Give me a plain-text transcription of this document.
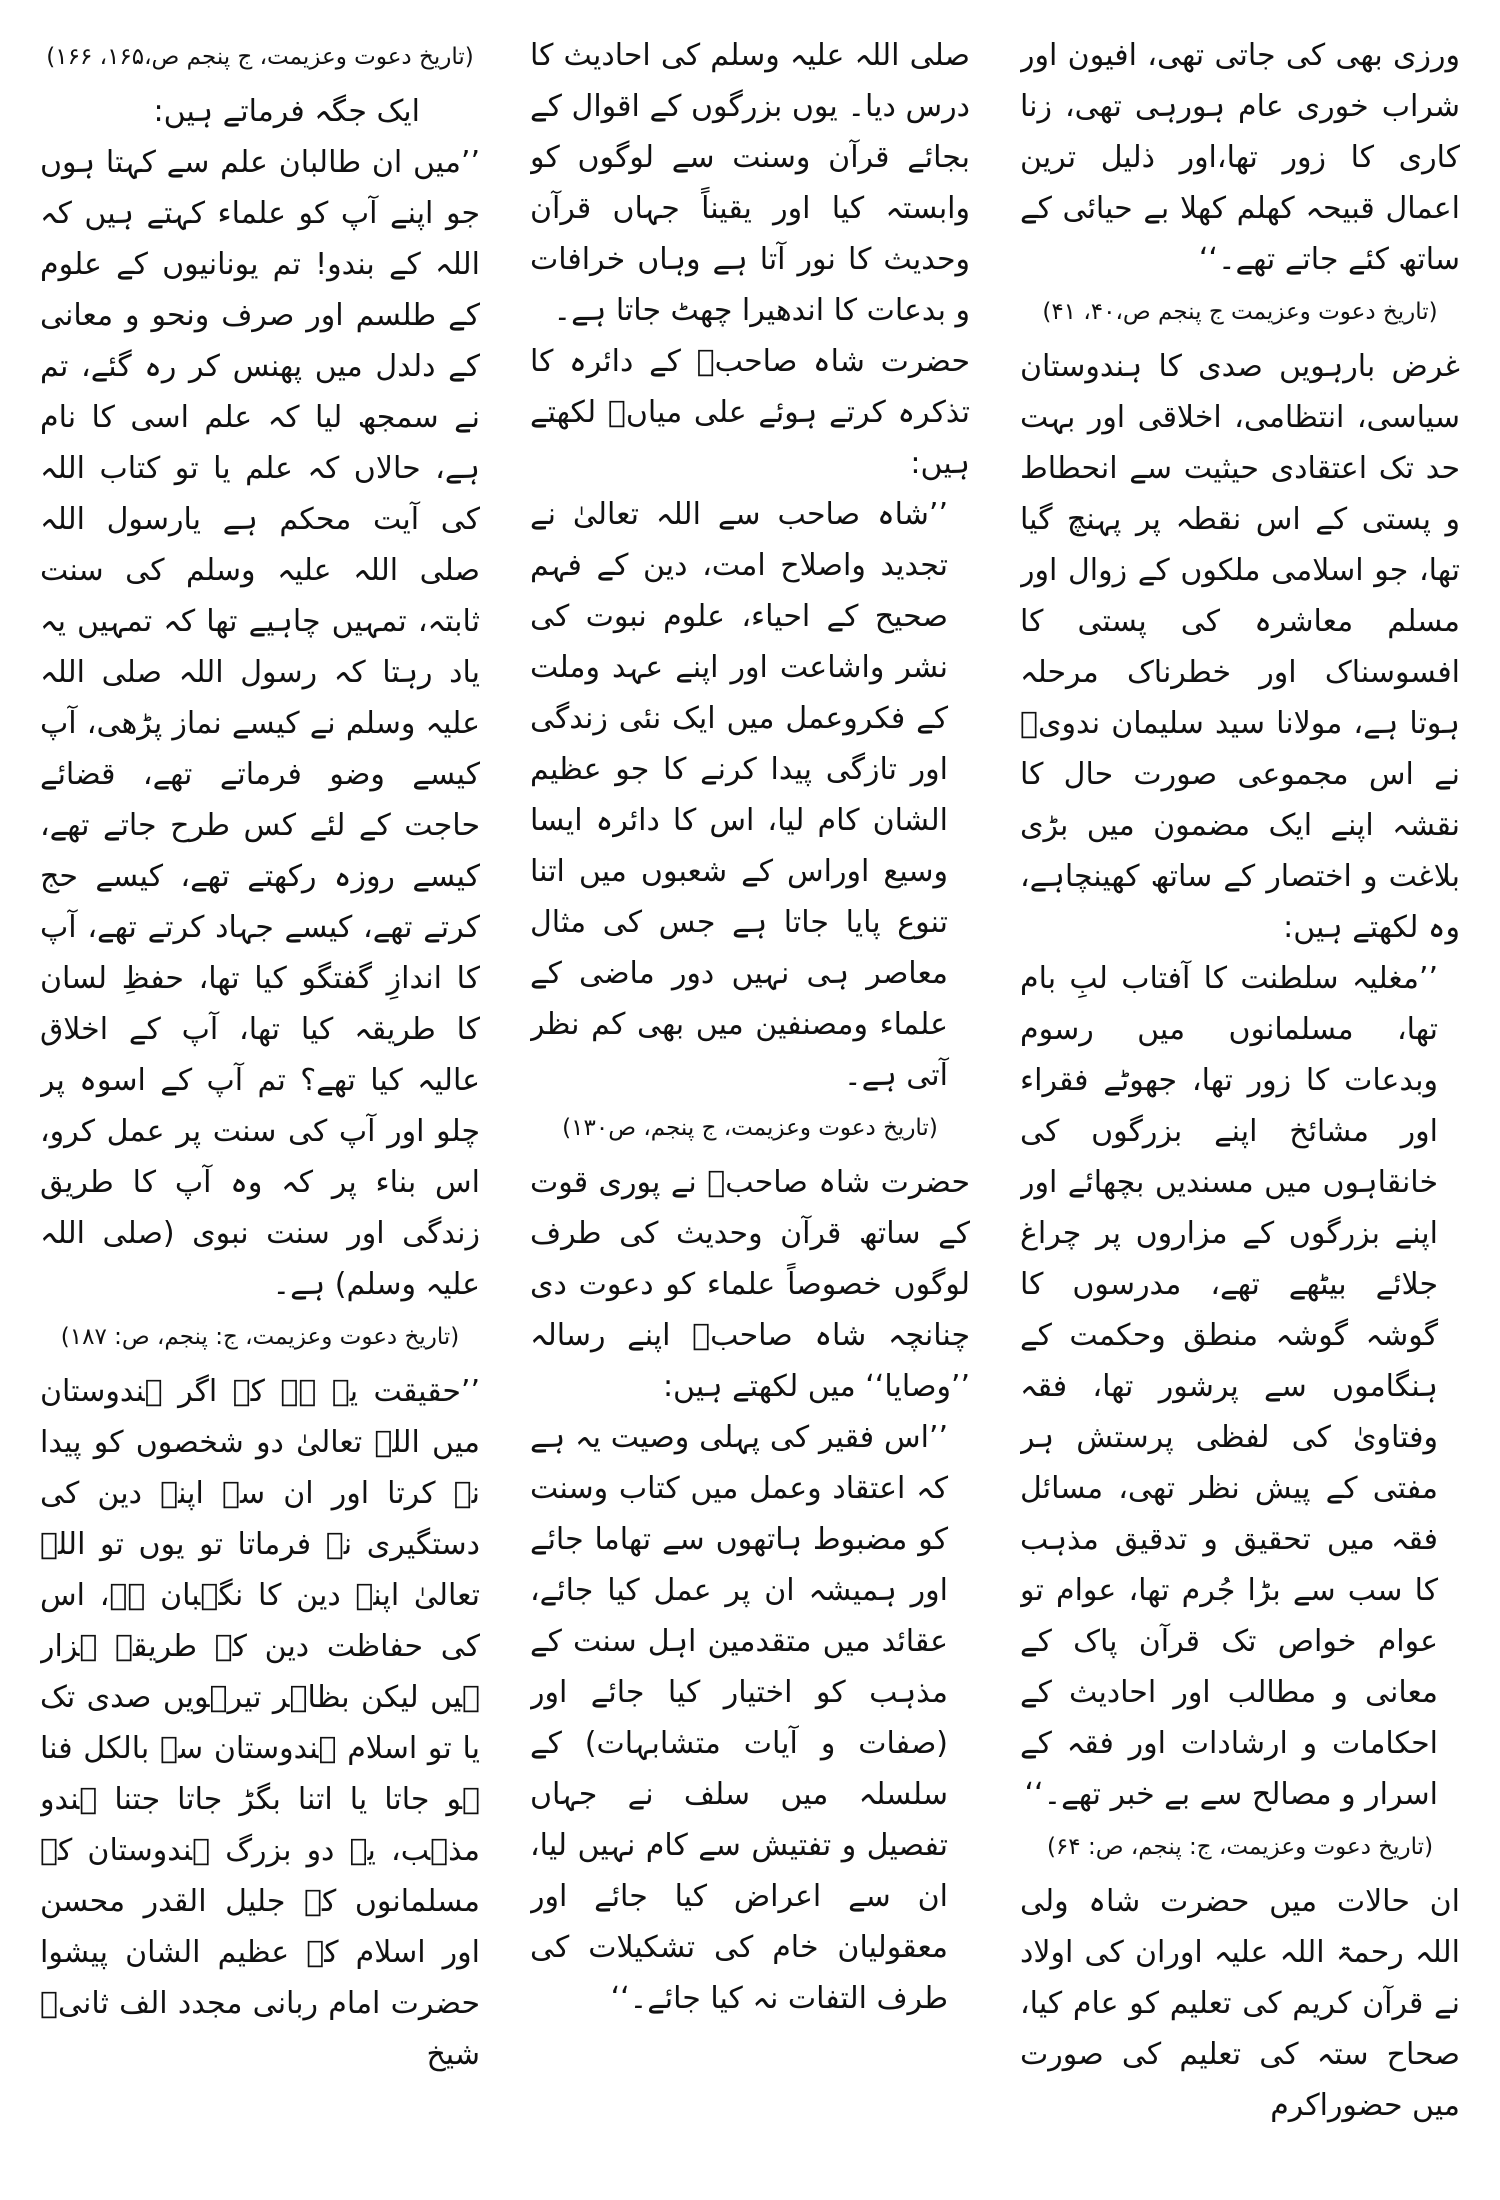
ورزی بھی کی جاتی تھی، افیون اور شراب خوری عام ہورہی تھی، زنا کاری کا زور تھا،اور ذلیل ترین اعمال قبیحہ کھلم کھلا بے حیائی کے ساتھ کئے جاتے تھے۔‘‘

(تاریخ دعوت وعزیمت ج پنجم ص،۴۰، ۴۱)

غرض بارہویں صدی کا ہندوستان سیاسی، انتظامی، اخلاقی اور بہت حد تک اعتقادی حیثیت سے انحطاط و پستی کے اس نقطہ پر پہنچ گیا تھا، جو اسلامی ملکوں کے زوال اور مسلم معاشرہ کی پستی کا افسوسناک اور خطرناک مرحلہ ہوتا ہے، مولانا سید سلیمان ندویؒ نے اس مجموعی صورت حال کا نقشہ اپنے ایک مضمون میں بڑی بلاغت و اختصار کے ساتھ کھینچاہے، وہ لکھتے ہیں:

’’مغلیہ سلطنت کا آفتاب لبِ بام تھا، مسلمانوں میں رسوم وبدعات کا زور تھا، جھوٹے فقراء اور مشائخ اپنے بزرگوں کی خانقاہوں میں مسندیں بچھائے اور اپنے بزرگوں کے مزاروں پر چراغ جلائے بیٹھے تھے، مدرسوں کا گوشہ گوشہ منطق وحکمت کے ہنگاموں سے پرشور تھا، فقہ وفتاویٰ کی لفظی پرستش ہر مفتی کے پیش نظر تھی، مسائل فقہ میں تحقیق و تدقیق مذہب کا سب سے بڑا جُرم تھا، عوام تو عوام خواص تک قرآن پاک کے معانی و مطالب اور احادیث کے احکامات و ارشادات اور فقہ کے اسرار و مصالح سے بے خبر تھے۔‘‘

(تاریخ دعوت وعزیمت، ج: پنجم، ص: ۶۴)

ان حالات میں حضرت شاہ ولی اللہ رحمۃ اللہ علیہ اوران کی اولاد نے قرآن کریم کی تعلیم کو عام کیا، صحاح ستہ کی تعلیم کی صورت میں حضوراکرم

صلی اللہ علیہ وسلم کی احادیث کا درس دیا۔ یوں بزرگوں کے اقوال کے بجائے قرآن وسنت سے لوگوں کو وابستہ کیا اور یقیناً جہاں قرآن وحدیث کا نور آتا ہے وہاں خرافات و بدعات کا اندھیرا چھٹ جاتا ہے۔

حضرت شاہ صاحبؒ کے دائرہ کا تذکرہ کرتے ہوئے علی میاںؒ لکھتے ہیں:

’’شاہ صاحب سے اللہ تعالیٰ نے تجدید واصلاح امت، دین کے فہم صحیح کے احیاء، علوم نبوت کی نشر واشاعت اور اپنے عہد وملت کے فکروعمل میں ایک نئی زندگی اور تازگی پیدا کرنے کا جو عظیم الشان کام لیا، اس کا دائرہ ایسا وسیع اوراس کے شعبوں میں اتنا تنوع پایا جاتا ہے جس کی مثال معاصر ہی نہیں دور ماضی کے علماء ومصنفین میں بھی کم نظر آتی ہے۔

(تاریخ دعوت وعزیمت، ج پنجم، ص۱۳۰)

حضرت شاہ صاحبؒ نے پوری قوت کے ساتھ قرآن وحدیث کی طرف لوگوں خصوصاً علماء کو دعوت دی چنانچہ شاہ صاحبؒ اپنے رسالہ ’’وصایا‘‘ میں لکھتے ہیں:

’’اس فقیر کی پہلی وصیت یہ ہے کہ اعتقاد وعمل میں کتاب وسنت کو مضبوط ہاتھوں سے تھاما جائے اور ہمیشہ ان پر عمل کیا جائے، عقائد میں متقدمین اہل سنت کے مذہب کو اختیار کیا جائے اور (صفات و آیات متشابہات) کے سلسلہ میں سلف نے جہاں تفصیل و تفتیش سے کام نہیں لیا، ان سے اعراض کیا جائے اور معقولیان خام کی تشکیلات کی طرف التفات نہ کیا جائے۔‘‘

(تاریخ دعوت وعزیمت، ج پنجم ص،۱۶۵، ۱۶۶)

ایک جگہ فرماتے ہیں:

’’میں ان طالبان علم سے کہتا ہوں جو اپنے آپ کو علماء کہتے ہیں کہ اللہ کے بندو! تم یونانیوں کے علوم کے طلسم اور صرف ونحو و معانی کے دلدل میں پھنس کر رہ گئے، تم نے سمجھ لیا کہ علم اسی کا نام ہے، حالاں کہ علم یا تو کتاب اللہ کی آیت محکم ہے یارسول اللہ صلی اللہ علیہ وسلم کی سنت ثابتہ، تمہیں چاہیے تھا کہ تمہیں یہ یاد رہتا کہ رسول اللہ صلی اللہ علیہ وسلم نے کیسے نماز پڑھی، آپ کیسے وضو فرماتے تھے، قضائے حاجت کے لئے کس طرح جاتے تھے، کیسے روزہ رکھتے تھے، کیسے حج کرتے تھے، کیسے جہاد کرتے تھے، آپ کا اندازِ گفتگو کیا تھا، حفظِ لسان کا طریقہ کیا تھا، آپ کے اخلاق عالیہ کیا تھے؟ تم آپ کے اسوہ پر چلو اور آپ کی سنت پر عمل کرو، اس بناء پر کہ وہ آپ کا طریق زندگی اور سنت نبوی (صلی اللہ علیہ وسلم) ہے۔

(تاریخ دعوت وعزیمت، ج: پنجم، ص: ۱۸۷)

’’حقیقت یہ ہے کہ اگر ہندوستان میں اللہ تعالیٰ دو شخصوں کو پیدا نہ کرتا اور ان سے اپنے دین کی دستگیری نہ فرماتا تو یوں تو اللہ تعالیٰ اپنے دین کا نگہبان ہے، اس کی حفاظت دین کے طریقے ہزار ہیں لیکن بظاہر تیرہویں صدی تک یا تو اسلام ہندوستان سے بالکل فنا ہو جاتا یا اتنا بگڑ جاتا جتنا ہندو مذہب، یہ دو بزرگ ہندوستان کے مسلمانوں کے جلیل القدر محسن اور اسلام کے عظیم الشان پیشوا حضرت امام ربانی مجدد الف ثانیؒ شیخ
